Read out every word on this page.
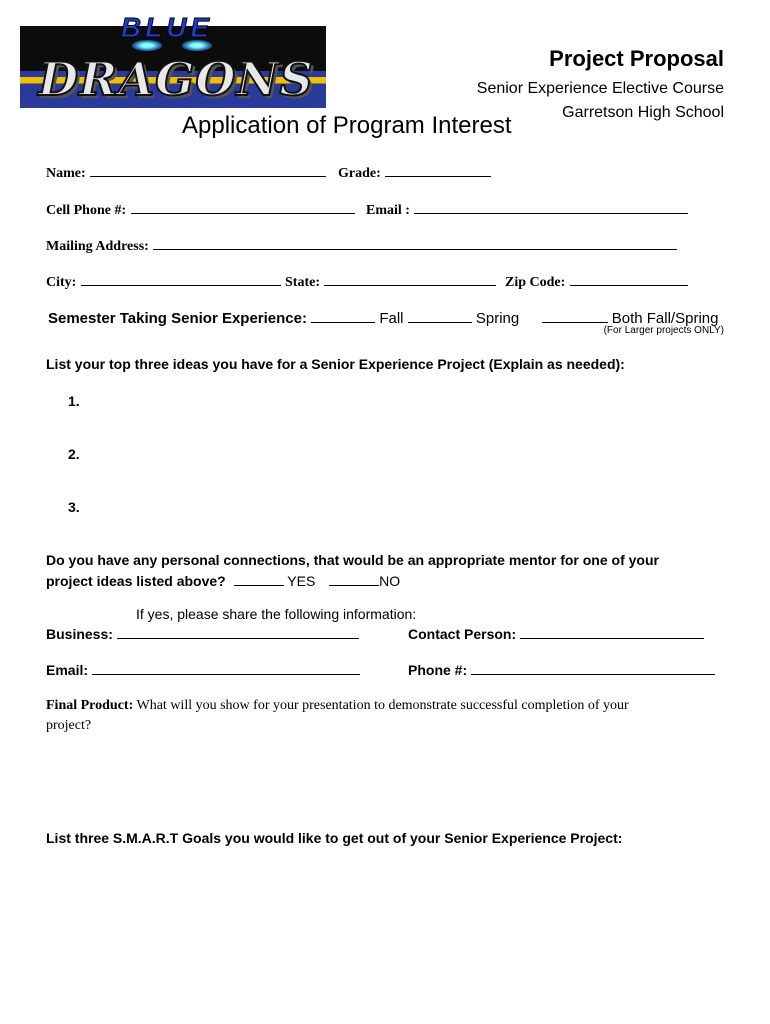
BLUE
DRAGONS	Project Proposal
Senior Experience Elective Course
Garretson High School
Application of Program Interest
Name:	Grade:
Cell Phone #:	Email :
Mailing Address:
City:	State:	Zip Code:
Semester Taking Senior Experience:	Fall	Spring	Both Fall/Spring
(For Larger projects ONLY)
List your top three ideas you have for a Senior Experience Project (Explain as needed):
1.
2.
3.
Do you have any personal connections, that would be an appropriate mentor for one of your
project ideas listed above?	YES	NO
If yes, please share the following information:
Business:	Contact Person:
Email:	Phone #:
Final Product: What will you show for your presentation to demonstrate successful completion of your
project?
List three S.M.A.R.T Goals you would like to get out of your Senior Experience Project:
